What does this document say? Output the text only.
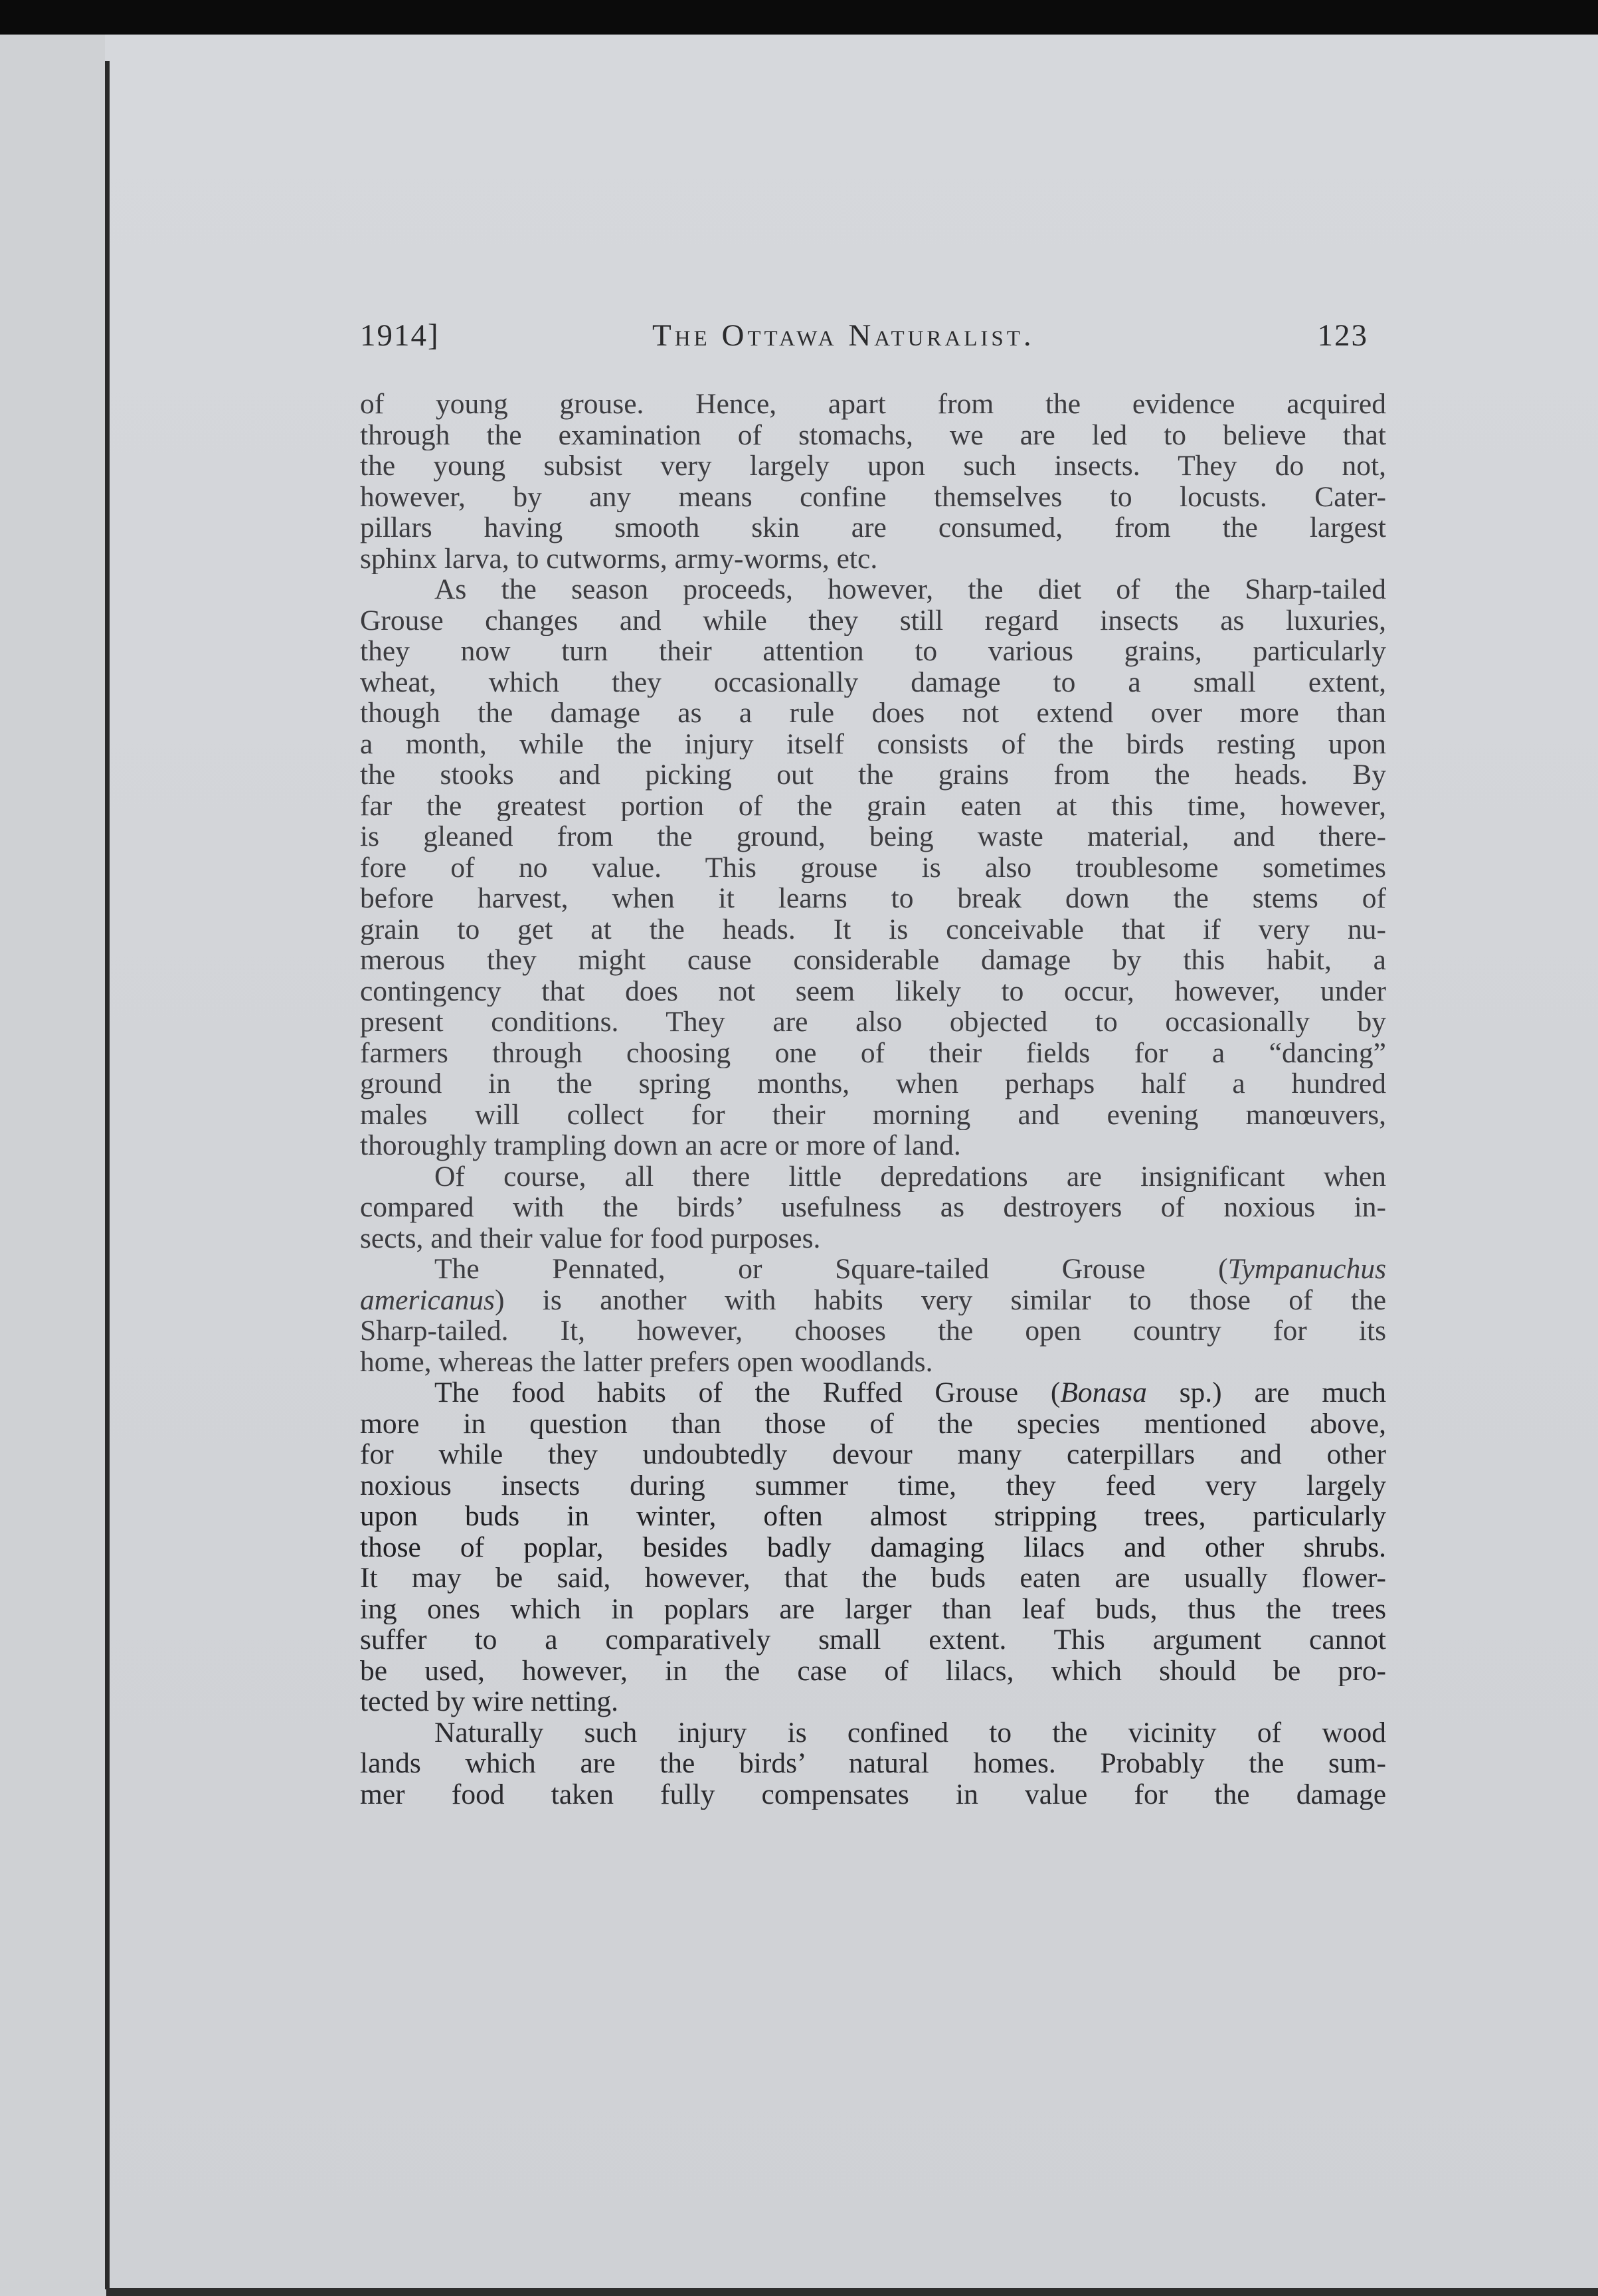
1914]	The Ottawa Naturalist.	123
of young grouse. Hence, apart from the evidence acquired
through the examination of stomachs, we are led to believe that
the young subsist very largely upon such insects. They do not,
however, by any means confine themselves to locusts. Cater-
pillars having smooth skin are consumed, from the largest
sphinx larva, to cutworms, army-worms, etc.
As the season proceeds, however, the diet of the Sharp-tailed
Grouse changes and while they still regard insects as luxuries,
they now turn their attention to various grains, particularly
wheat, which they occasionally damage to a small extent,
though the damage as a rule does not extend over more than
a month, while the injury itself consists of the birds resting upon
the stooks and picking out the grains from the heads. By
far the greatest portion of the grain eaten at this time, however,
is gleaned from the ground, being waste material, and there-
fore of no value. This grouse is also troublesome sometimes
before harvest, when it learns to break down the stems of
grain to get at the heads. It is conceivable that if very nu-
merous they might cause considerable damage by this habit, a
contingency that does not seem likely to occur, however, under
present conditions. They are also objected to occasionally by
farmers through choosing one of their fields for a “dancing”
ground in the spring months, when perhaps half a hundred
males will collect for their morning and evening manœuvers,
thoroughly trampling down an acre or more of land.
Of course, all there little depredations are insignificant when
compared with the birds’ usefulness as destroyers of noxious in-
sects, and their value for food purposes.
The Pennated, or Square-tailed Grouse (Tympanuchus
americanus) is another with habits very similar to those of the
Sharp-tailed. It, however, chooses the open country for its
home, whereas the latter prefers open woodlands.
The food habits of the Ruffed Grouse (Bonasa sp.) are much
more in question than those of the species mentioned above,
for while they undoubtedly devour many caterpillars and other
noxious insects during summer time, they feed very largely
upon buds in winter, often almost stripping trees, particularly
those of poplar, besides badly damaging lilacs and other shrubs.
It may be said, however, that the buds eaten are usually flower-
ing ones which in poplars are larger than leaf buds, thus the trees
suffer to a comparatively small extent. This argument cannot
be used, however, in the case of lilacs, which should be pro-
tected by wire netting.
Naturally such injury is confined to the vicinity of wood
lands which are the birds’ natural homes. Probably the sum-
mer food taken fully compensates in value for the damage
